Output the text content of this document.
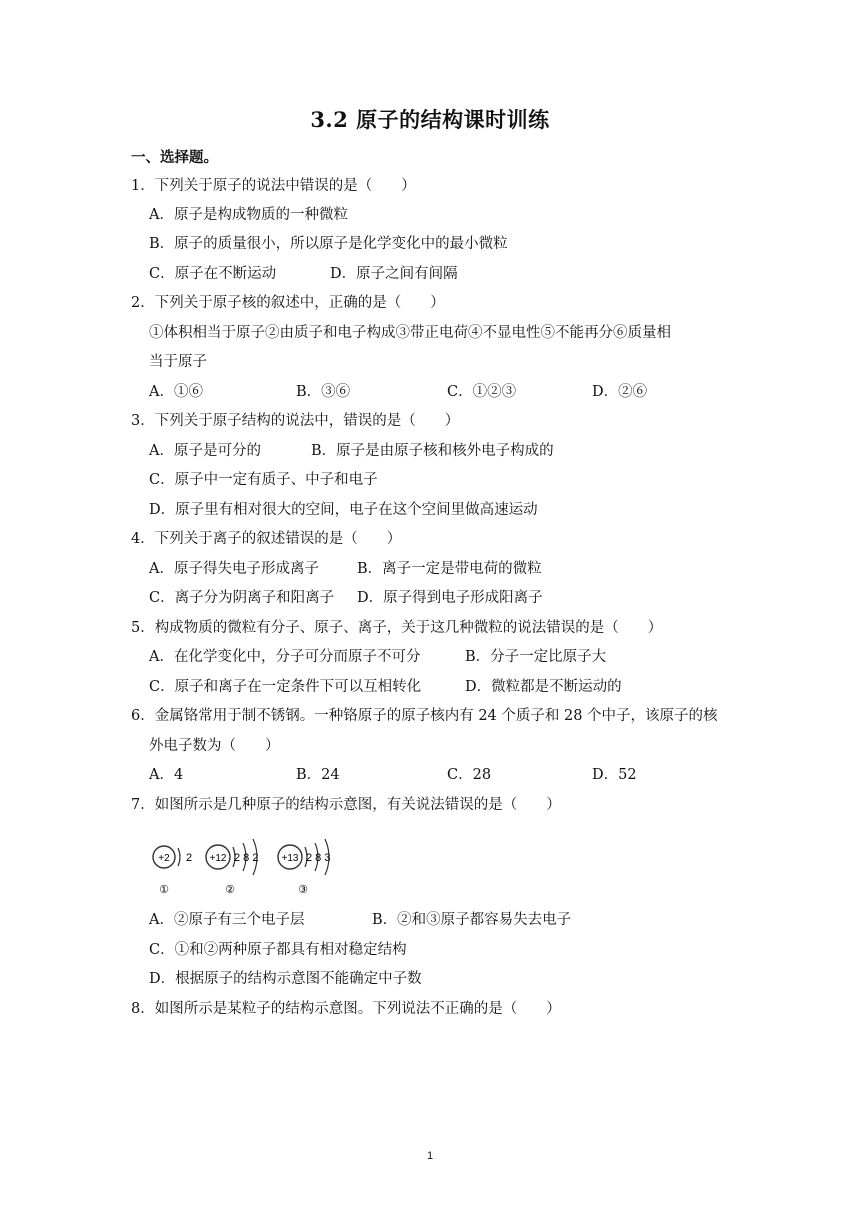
3.2 原子的结构课时训练
一、选择题。
1．下列关于原子的说法中错误的是（　　）
A．原子是构成物质的一种微粒
B．原子的质量很小，所以原子是化学变化中的最小微粒
C．原子在不断运动	D．原子之间有间隔
2．下列关于原子核的叙述中，正确的是（　　）
①体积相当于原子②由质子和电子构成③带正电荷④不显电性⑤不能再分⑥质量相
当于原子
A．①⑥	B．③⑥	C．①②③	D．②⑥
3．下列关于原子结构的说法中，错误的是（　　）
A．原子是可分的	B．原子是由原子核和核外电子构成的
C．原子中一定有质子、中子和电子
D．原子里有相对很大的空间，电子在这个空间里做高速运动
4．下列关于离子的叙述错误的是（　　）
A．原子得失电子形成离子	B．离子一定是带电荷的微粒
C．离子分为阴离子和阳离子 D．原子得到电子形成阳离子
5．构成物质的微粒有分子、原子、离子，关于这几种微粒的说法错误的是（　　）
A．在化学变化中，分子可分而原子不可分	B．分子一定比原子大
C．原子和离子在一定条件下可以互相转化	D．微粒都是不断运动的
6．金属铬常用于制不锈钢。一种铬原子的原子核内有 24 个质子和 28 个中子，该原子的核
外电子数为（　　）
A．4	B．24	C．28	D．52
7．如图所示是几种原子的结构示意图，有关说法错误的是（　　）
+2 2
①
+12 2 8 2
②
+13 2 8 3
③
A．②原子有三个电子层	B．②和③原子都容易失去电子
C．①和②两种原子都具有相对稳定结构
D．根据原子的结构示意图不能确定中子数
8．如图所示是某粒子的结构示意图。下列说法不正确的是（　　）
1
